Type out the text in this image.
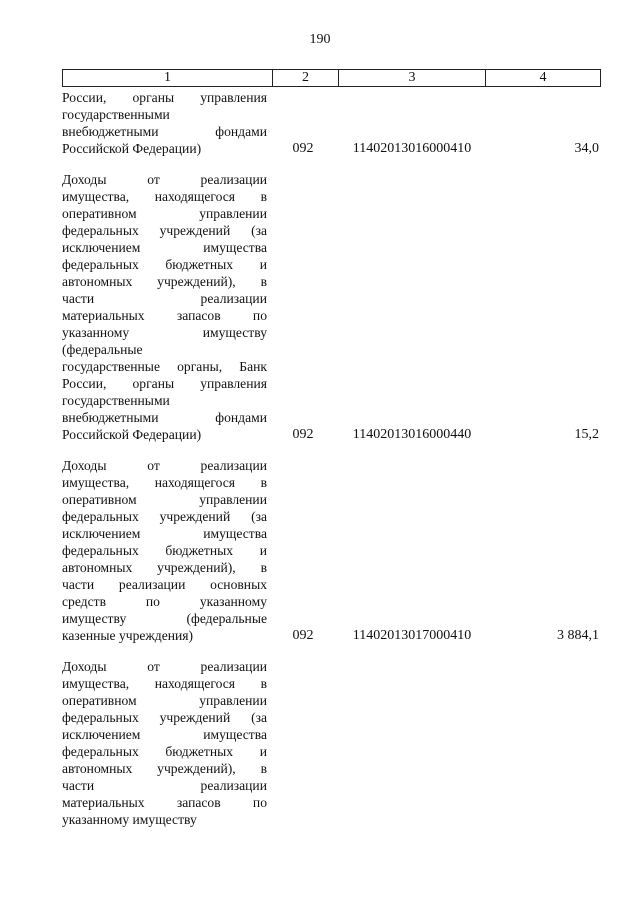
190
1	2	3	4
России, органы управления
государственными
внебюджетными фондами
Российской Федерации)	092	11402013016000410	34,0
Доходы от реализации
имущества, находящегося в
оперативном управлении
федеральных учреждений (за
исключением имущества
федеральных бюджетных и
автономных учреждений), в
части реализации
материальных запасов по
указанному имуществу
(федеральные
государственные органы, Банк
России, органы управления
государственными
внебюджетными фондами
Российской Федерации)	092	11402013016000440	15,2
Доходы от реализации
имущества, находящегося в
оперативном управлении
федеральных учреждений (за
исключением имущества
федеральных бюджетных и
автономных учреждений), в
части реализации основных
средств по указанному
имуществу (федеральные
казенные учреждения)	092	11402013017000410	3 884,1
Доходы от реализации
имущества, находящегося в
оперативном управлении
федеральных учреждений (за
исключением имущества
федеральных бюджетных и
автономных учреждений), в
части реализации
материальных запасов по
указанному имуществу
